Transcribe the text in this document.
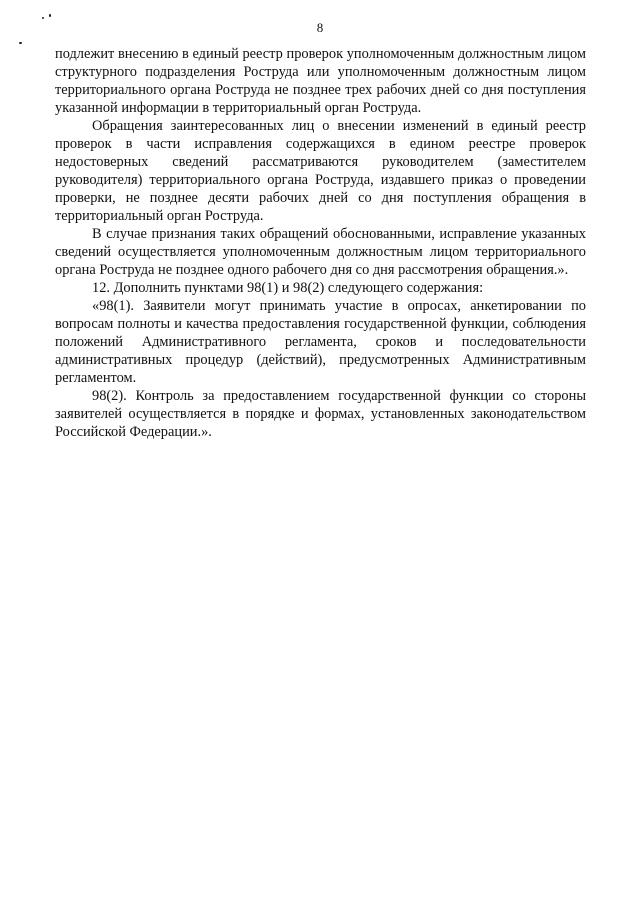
8

подлежит внесению в единый реестр проверок уполномоченным должностным лицом структурного подразделения Роструда или уполномоченным должностным лицом территориального органа Роструда не позднее трех рабочих дней со дня поступления указанной информации в территориальный орган Роструда.

Обращения заинтересованных лиц о внесении изменений в единый реестр проверок в части исправления содержащихся в едином реестре проверок недостоверных сведений рассматриваются руководителем (заместителем руководителя) территориального органа Роструда, издавшего приказ о проведении проверки, не позднее десяти рабочих дней со дня поступления обращения в территориальный орган Роструда.

В случае признания таких обращений обоснованными, исправление указанных сведений осуществляется уполномоченным должностным лицом территориального органа Роструда не позднее одного рабочего дня со дня рассмотрения обращения.».

12. Дополнить пунктами 98(1) и 98(2) следующего содержания:

«98(1). Заявители могут принимать участие в опросах, анкетировании по вопросам полноты и качества предоставления государственной функции, соблюдения положений Административного регламента, сроков и последовательности административных процедур (действий), предусмотренных Административным регламентом.

98(2). Контроль за предоставлением государственной функции со стороны заявителей осуществляется в порядке и формах, установленных законодательством Российской Федерации.».
